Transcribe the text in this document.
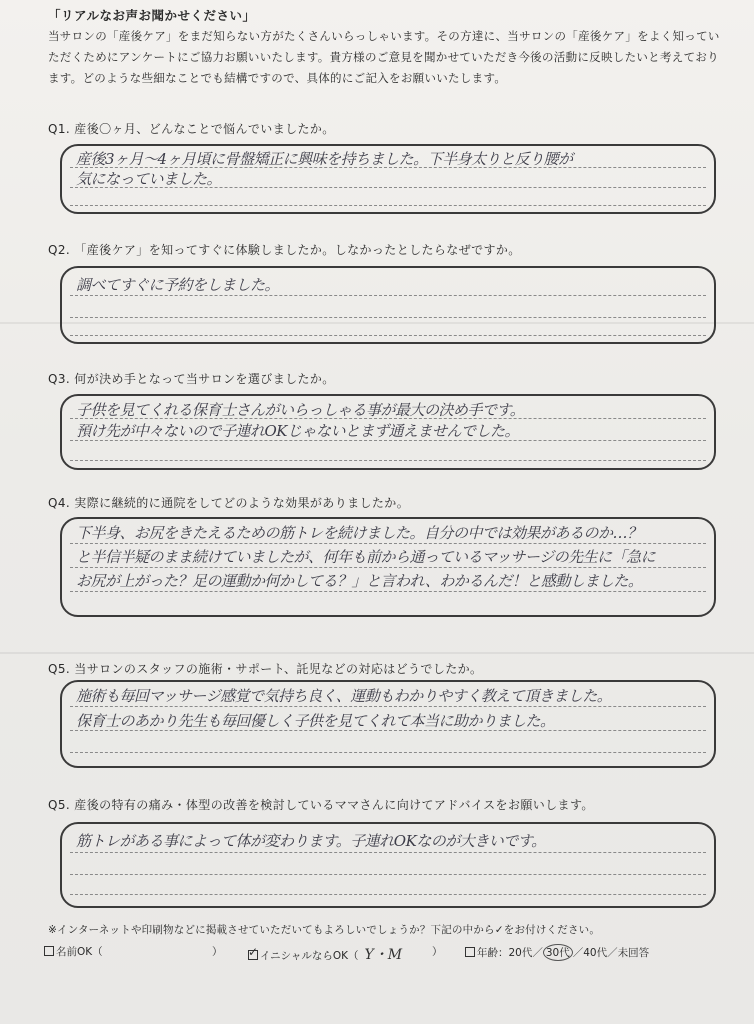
「リアルなお声お聞かせください」
当サロンの「産後ケア」をまだ知らない方がたくさんいらっしゃいます。その方達に、当サロンの「産後ケア」をよく知っていただくためにアンケートにご協力お願いいたします。貴方様のご意見を聞かせていただき今後の活動に反映したいと考えております。どのような些細なことでも結構ですので、具体的にご記入をお願いいたします。
Q1. 産後〇ヶ月、どんなことで悩んでいましたか。
産後3ヶ月〜4ヶ月頃に骨盤矯正に興味を持ちました。下半身太りと反り腰が
気になっていました。
Q2. 「産後ケア」を知ってすぐに体験しましたか。しなかったとしたらなぜですか。
調べてすぐに予約をしました。
Q3. 何が決め手となって当サロンを選びましたか。
子供を見てくれる保育士さんがいらっしゃる事が最大の決め手です。
預け先が中々ないので子連れOKじゃないとまず通えませんでした。
Q4. 実際に継続的に通院をしてどのような効果がありましたか。
下半身、お尻をきたえるための筋トレを続けました。自分の中では効果があるのか…？
と半信半疑のまま続けていましたが、何年も前から通っているマッサージの先生に「急に
お尻が上がった？足の運動か何かしてる？」と言われ、わかるんだ！と感動しました。
Q5. 当サロンのスタッフの施術・サポート、託児などの対応はどうでしたか。
施術も毎回マッサージ感覚で気持ち良く、運動もわかりやすく教えて頂きました。
保育士のあかり先生も毎回優しく子供を見てくれて本当に助かりました。
Q5. 産後の特有の痛み・体型の改善を検討しているママさんに向けてアドバイスをお願いします。
筋トレがある事によって体が変わります。子連れOKなのが大きいです。
※インターネットや印刷物などに掲載させていただいてもよろしいでしょうか？下記の中から✓をお付けください。
名前OK（	）
✓	イニシャルならOK（ Y・M	）	年齢：20代／ 30代 ／40代／未回答
